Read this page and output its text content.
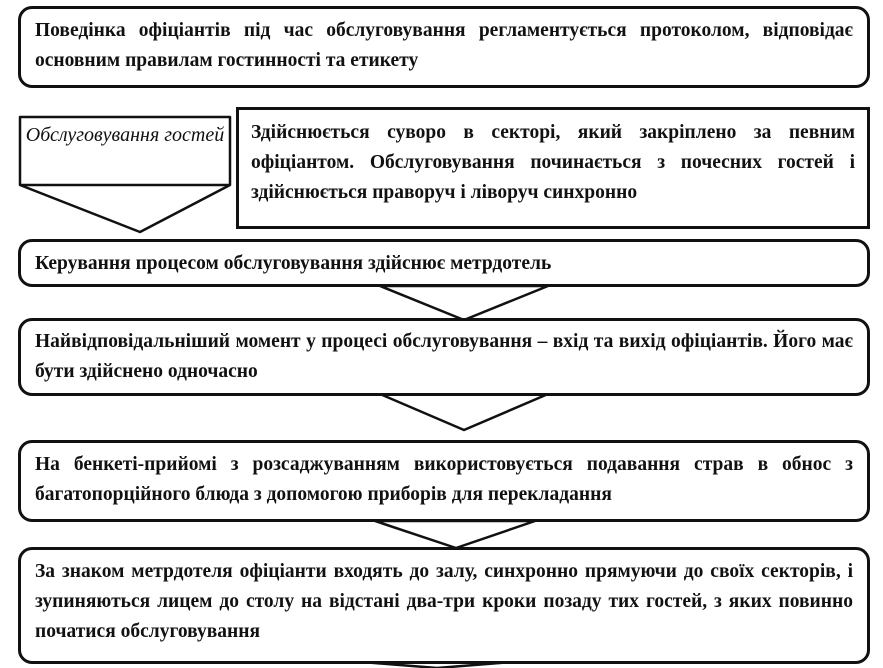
Поведінка офіціантів під час обслуговування регламентується протоколом, відповідає основним правилам гостинності та етикету
Обслуговування гостей	Здійснюється суворо в секторі, який закріплено за певним офіціантом. Обслуговування починається з почесних гостей і здійснюється праворуч і ліворуч синхронно
Керування процесом обслуговування здійснює метрдотель
Найвідповідальніший момент у процесі обслуговування – вхід та вихід офіціантів. Його має бути здійснено одночасно
На бенкеті-прийомі з розсаджуванням використовується подавання страв в обнос з багатопорційного блюда з допомогою приборів для перекладання
За знаком метрдотеля офіціанти входять до залу, синхронно прямуючи до своїх секторів, і зупиняються лицем до столу на відстані два-три кроки позаду тих гостей, з яких повинно початися обслуговування
